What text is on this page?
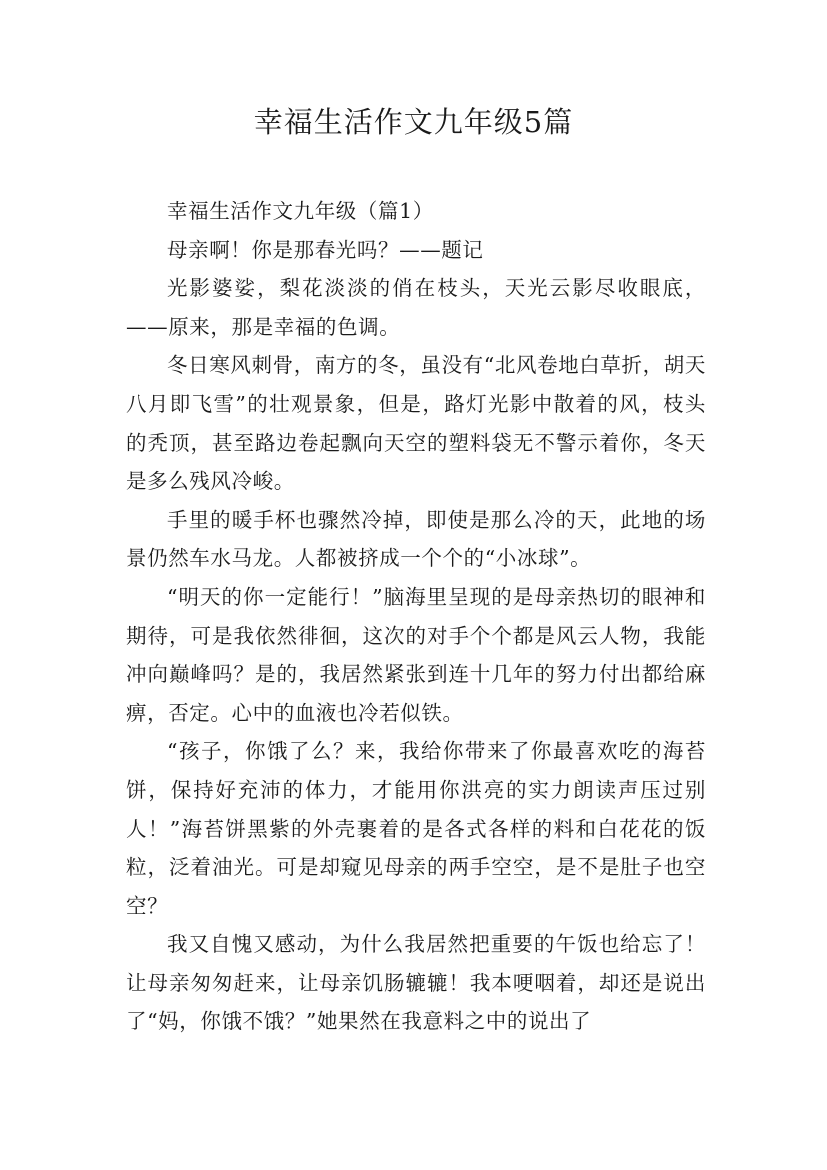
幸福生活作文九年级5篇

幸福生活作文九年级（篇1）

母亲啊！你是那春光吗？——题记

光影婆娑，梨花淡淡的俏在枝头，天光云影尽收眼底，——原来，那是幸福的色调。

冬日寒风刺骨，南方的冬，虽没有“北风卷地白草折，胡天八月即飞雪”的壮观景象，但是，路灯光影中散着的风，枝头的秃顶，甚至路边卷起飘向天空的塑料袋无不警示着你，冬天是多么残风冷峻。

手里的暖手杯也骤然冷掉，即使是那么冷的天，此地的场景仍然车水马龙。人都被挤成一个个的“小冰球”。

“明天的你一定能行！”脑海里呈现的是母亲热切的眼神和期待，可是我依然徘徊，这次的对手个个都是风云人物，我能冲向巅峰吗？是的，我居然紧张到连十几年的努力付出都给麻痹，否定。心中的血液也冷若似铁。

“孩子，你饿了么？来，我给你带来了你最喜欢吃的海苔饼，保持好充沛的体力，才能用你洪亮的实力朗读声压过别人！”海苔饼黑紫的外壳裹着的是各式各样的料和白花花的饭粒，泛着油光。可是却窥见母亲的两手空空，是不是肚子也空空？

我又自愧又感动，为什么我居然把重要的午饭也给忘了！让母亲匆匆赶来，让母亲饥肠辘辘！我本哽咽着，却还是说出了“妈，你饿不饿？”她果然在我意料之中的说出了
